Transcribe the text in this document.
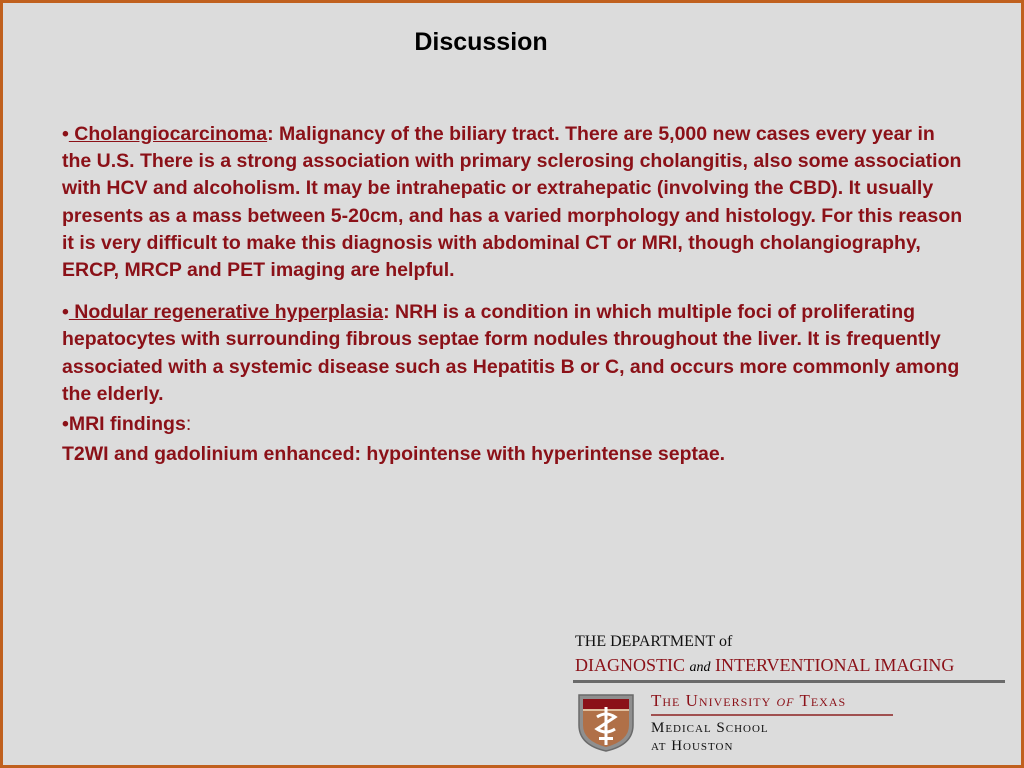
Discussion

• Cholangiocarcinoma: Malignancy of the biliary tract. There are 5,000 new cases every year in the U.S. There is a strong association with primary sclerosing cholangitis, also some association with HCV and alcoholism. It may be intrahepatic or extrahepatic (involving the CBD). It usually presents as a mass between 5-20cm, and has a varied morphology and histology. For this reason it is very difficult to make this diagnosis with abdominal CT or MRI, though cholangiography, ERCP, MRCP and PET imaging are helpful.

• Nodular regenerative hyperplasia: NRH is a condition in which multiple foci of proliferating hepatocytes with surrounding fibrous septae form nodules throughout the liver. It is frequently associated with a systemic disease such as Hepatitis B or C, and occurs more commonly among the elderly.

•MRI findings:

T2WI and gadolinium enhanced: hypointense with hyperintense septae.

THE DEPARTMENT of
DIAGNOSTIC and INTERVENTIONAL IMAGING
The University of Texas
Medical School
at Houston
